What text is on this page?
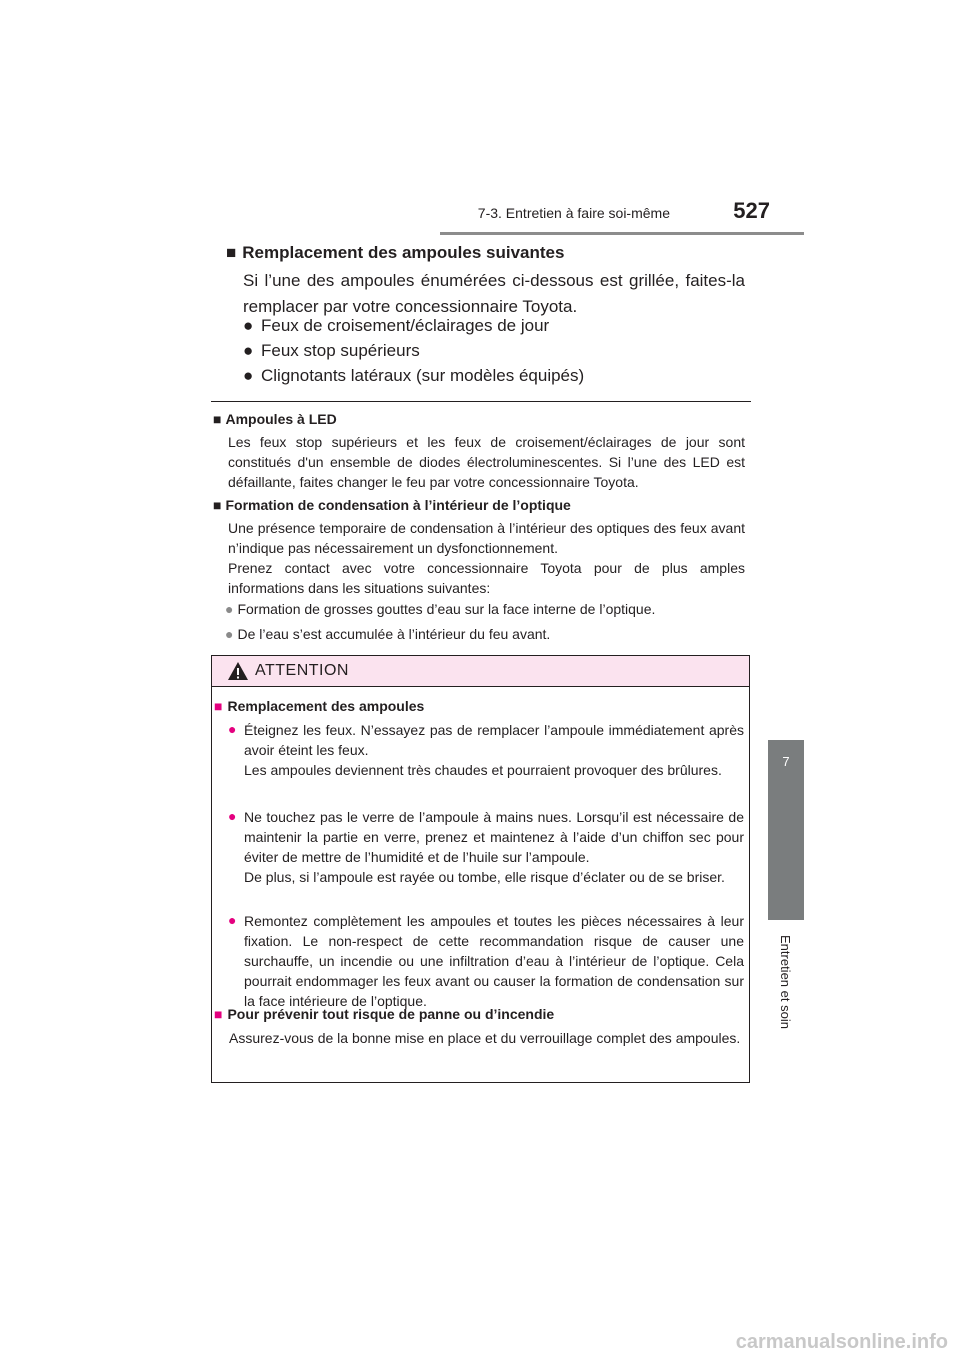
7-3. Entretien à faire soi-même	527
7
Entretien et soin
■ Remplacement des ampoules suivantes
Si l’une des ampoules énumérées ci-dessous est grillée, faites-la remplacer par votre concessionnaire Toyota.
● Feux de croisement/éclairages de jour
● Feux stop supérieurs
● Clignotants latéraux (sur modèles équipés)
■ Ampoules à LED
Les feux stop supérieurs et les feux de croisement/éclairages de jour sont constitués d'un ensemble de diodes électroluminescentes. Si l’une des LED est défaillante, faites changer le feu par votre concessionnaire Toyota.
■ Formation de condensation à l’intérieur de l’optique
Une présence temporaire de condensation à l’intérieur des optiques des feux avant n’indique pas nécessairement un dysfonctionnement.
Prenez contact avec votre concessionnaire Toyota pour de plus amples informations dans les situations suivantes:
● Formation de grosses gouttes d’eau sur la face interne de l’optique.
● De l’eau s’est accumulée à l’intérieur du feu avant.
ATTENTION
■ Remplacement des ampoules
● Éteignez les feux. N’essayez pas de remplacer l’ampoule immédiatement après avoir éteint les feux.
Les ampoules deviennent très chaudes et pourraient provoquer des brûlures.
● Ne touchez pas le verre de l’ampoule à mains nues. Lorsqu’il est nécessaire de maintenir la partie en verre, prenez et maintenez à l’aide d’un chiffon sec pour éviter de mettre de l’humidité et de l’huile sur l’ampoule.
De plus, si l’ampoule est rayée ou tombe, elle risque d’éclater ou de se briser.
● Remontez complètement les ampoules et toutes les pièces nécessaires à leur fixation. Le non-respect de cette recommandation risque de causer une surchauffe, un incendie ou une infiltration d’eau à l’intérieur de l’optique. Cela pourrait endommager les feux avant ou causer la formation de condensation sur la face intérieure de l’optique.
■ Pour prévenir tout risque de panne ou d’incendie
Assurez-vous de la bonne mise en place et du verrouillage complet des ampoules.
carmanualsonline.info
